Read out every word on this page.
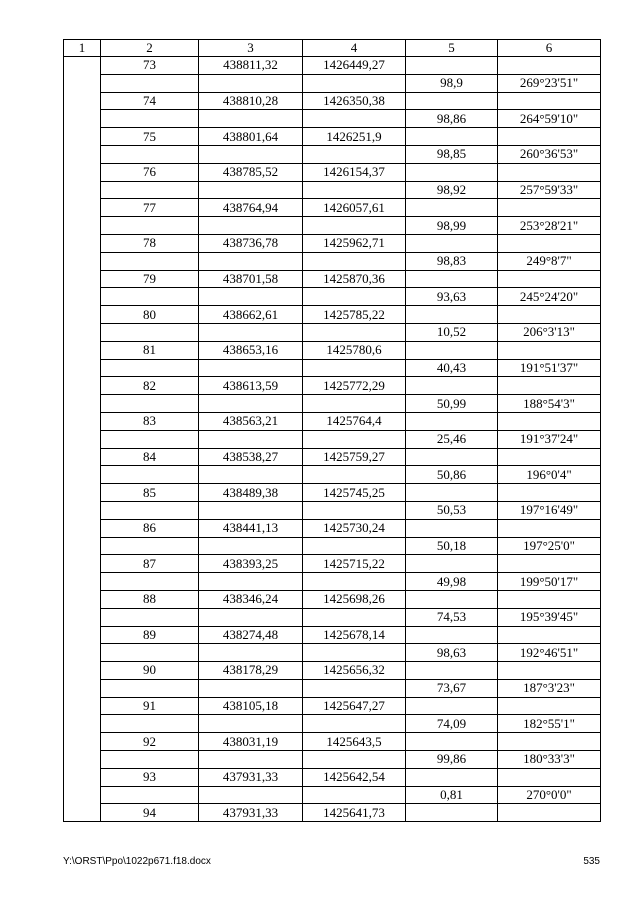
1	2	3	4	5	6
	73	438811,32	1426449,27		
				98,9	269°23'51"
	74	438810,28	1426350,38		
				98,86	264°59'10"
	75	438801,64	1426251,9		
				98,85	260°36'53"
	76	438785,52	1426154,37		
				98,92	257°59'33"
	77	438764,94	1426057,61		
				98,99	253°28'21"
	78	438736,78	1425962,71		
				98,83	249°8'7"
	79	438701,58	1425870,36		
				93,63	245°24'20"
	80	438662,61	1425785,22		
				10,52	206°3'13"
	81	438653,16	1425780,6		
				40,43	191°51'37"
	82	438613,59	1425772,29		
				50,99	188°54'3"
	83	438563,21	1425764,4		
				25,46	191°37'24"
	84	438538,27	1425759,27		
				50,86	196°0'4"
	85	438489,38	1425745,25		
				50,53	197°16'49"
	86	438441,13	1425730,24		
				50,18	197°25'0"
	87	438393,25	1425715,22		
				49,98	199°50'17"
	88	438346,24	1425698,26		
				74,53	195°39'45"
	89	438274,48	1425678,14		
				98,63	192°46'51"
	90	438178,29	1425656,32		
				73,67	187°3'23"
	91	438105,18	1425647,27		
				74,09	182°55'1"
	92	438031,19	1425643,5		
				99,86	180°33'3"
	93	437931,33	1425642,54		
				0,81	270°0'0"
	94	437931,33	1425641,73		
Y:\ORST\Ppo\1022p671.f18.docx	535
